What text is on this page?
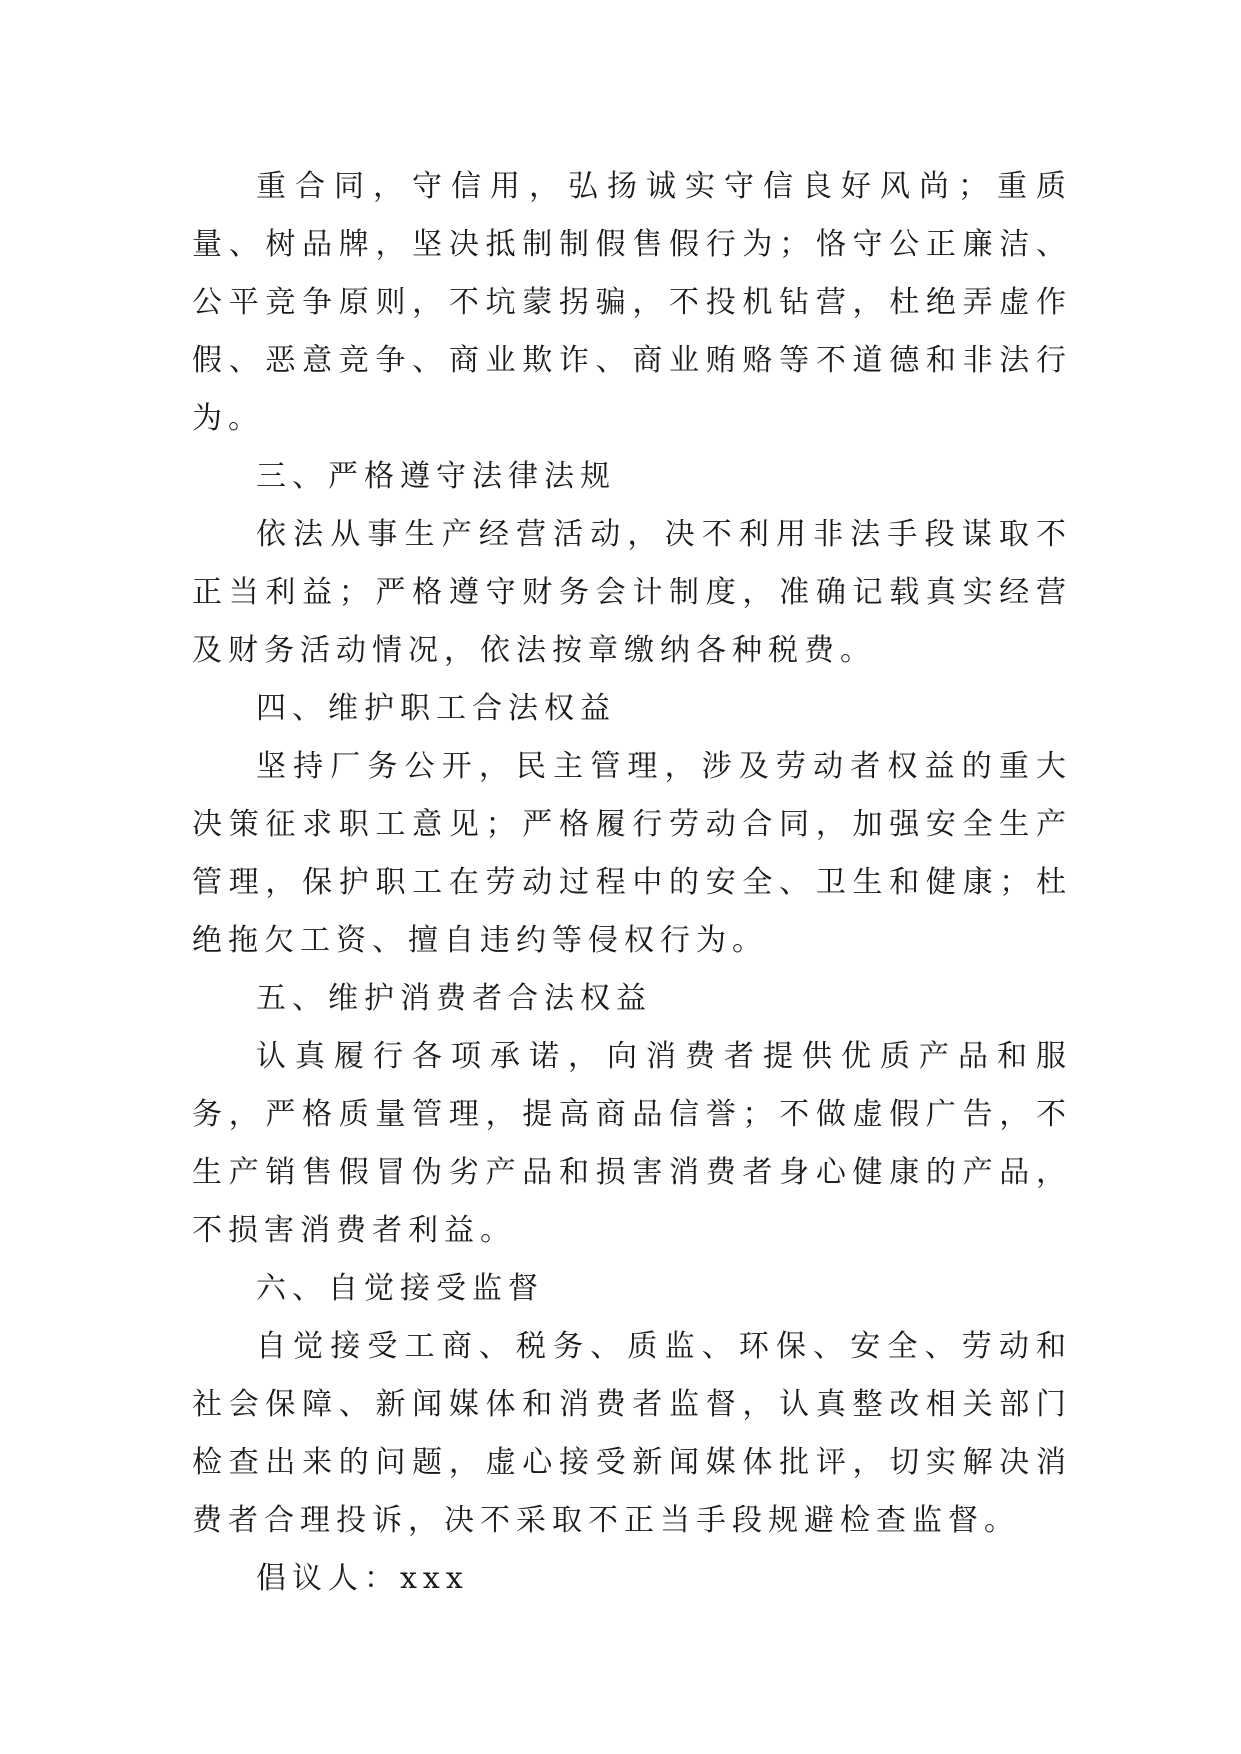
重合同，守信用，弘扬诚实守信良好风尚；重质量、树品牌，坚决抵制制假售假行为；恪守公正廉洁、公平竞争原则，不坑蒙拐骗，不投机钻营，杜绝弄虚作假、恶意竞争、商业欺诈、商业贿赂等不道德和非法行为。

三、严格遵守法律法规

依法从事生产经营活动，决不利用非法手段谋取不正当利益；严格遵守财务会计制度，准确记载真实经营及财务活动情况，依法按章缴纳各种税费。

四、维护职工合法权益

坚持厂务公开，民主管理，涉及劳动者权益的重大决策征求职工意见；严格履行劳动合同，加强安全生产管理，保护职工在劳动过程中的安全、卫生和健康；杜绝拖欠工资、擅自违约等侵权行为。

五、维护消费者合法权益

认真履行各项承诺，向消费者提供优质产品和服务，严格质量管理，提高商品信誉；不做虚假广告，不生产销售假冒伪劣产品和损害消费者身心健康的产品，不损害消费者利益。

六、自觉接受监督

自觉接受工商、税务、质监、环保、安全、劳动和社会保障、新闻媒体和消费者监督，认真整改相关部门检查出来的问题，虚心接受新闻媒体批评，切实解决消费者合理投诉，决不采取不正当手段规避检查监督。

倡议人：xxx
